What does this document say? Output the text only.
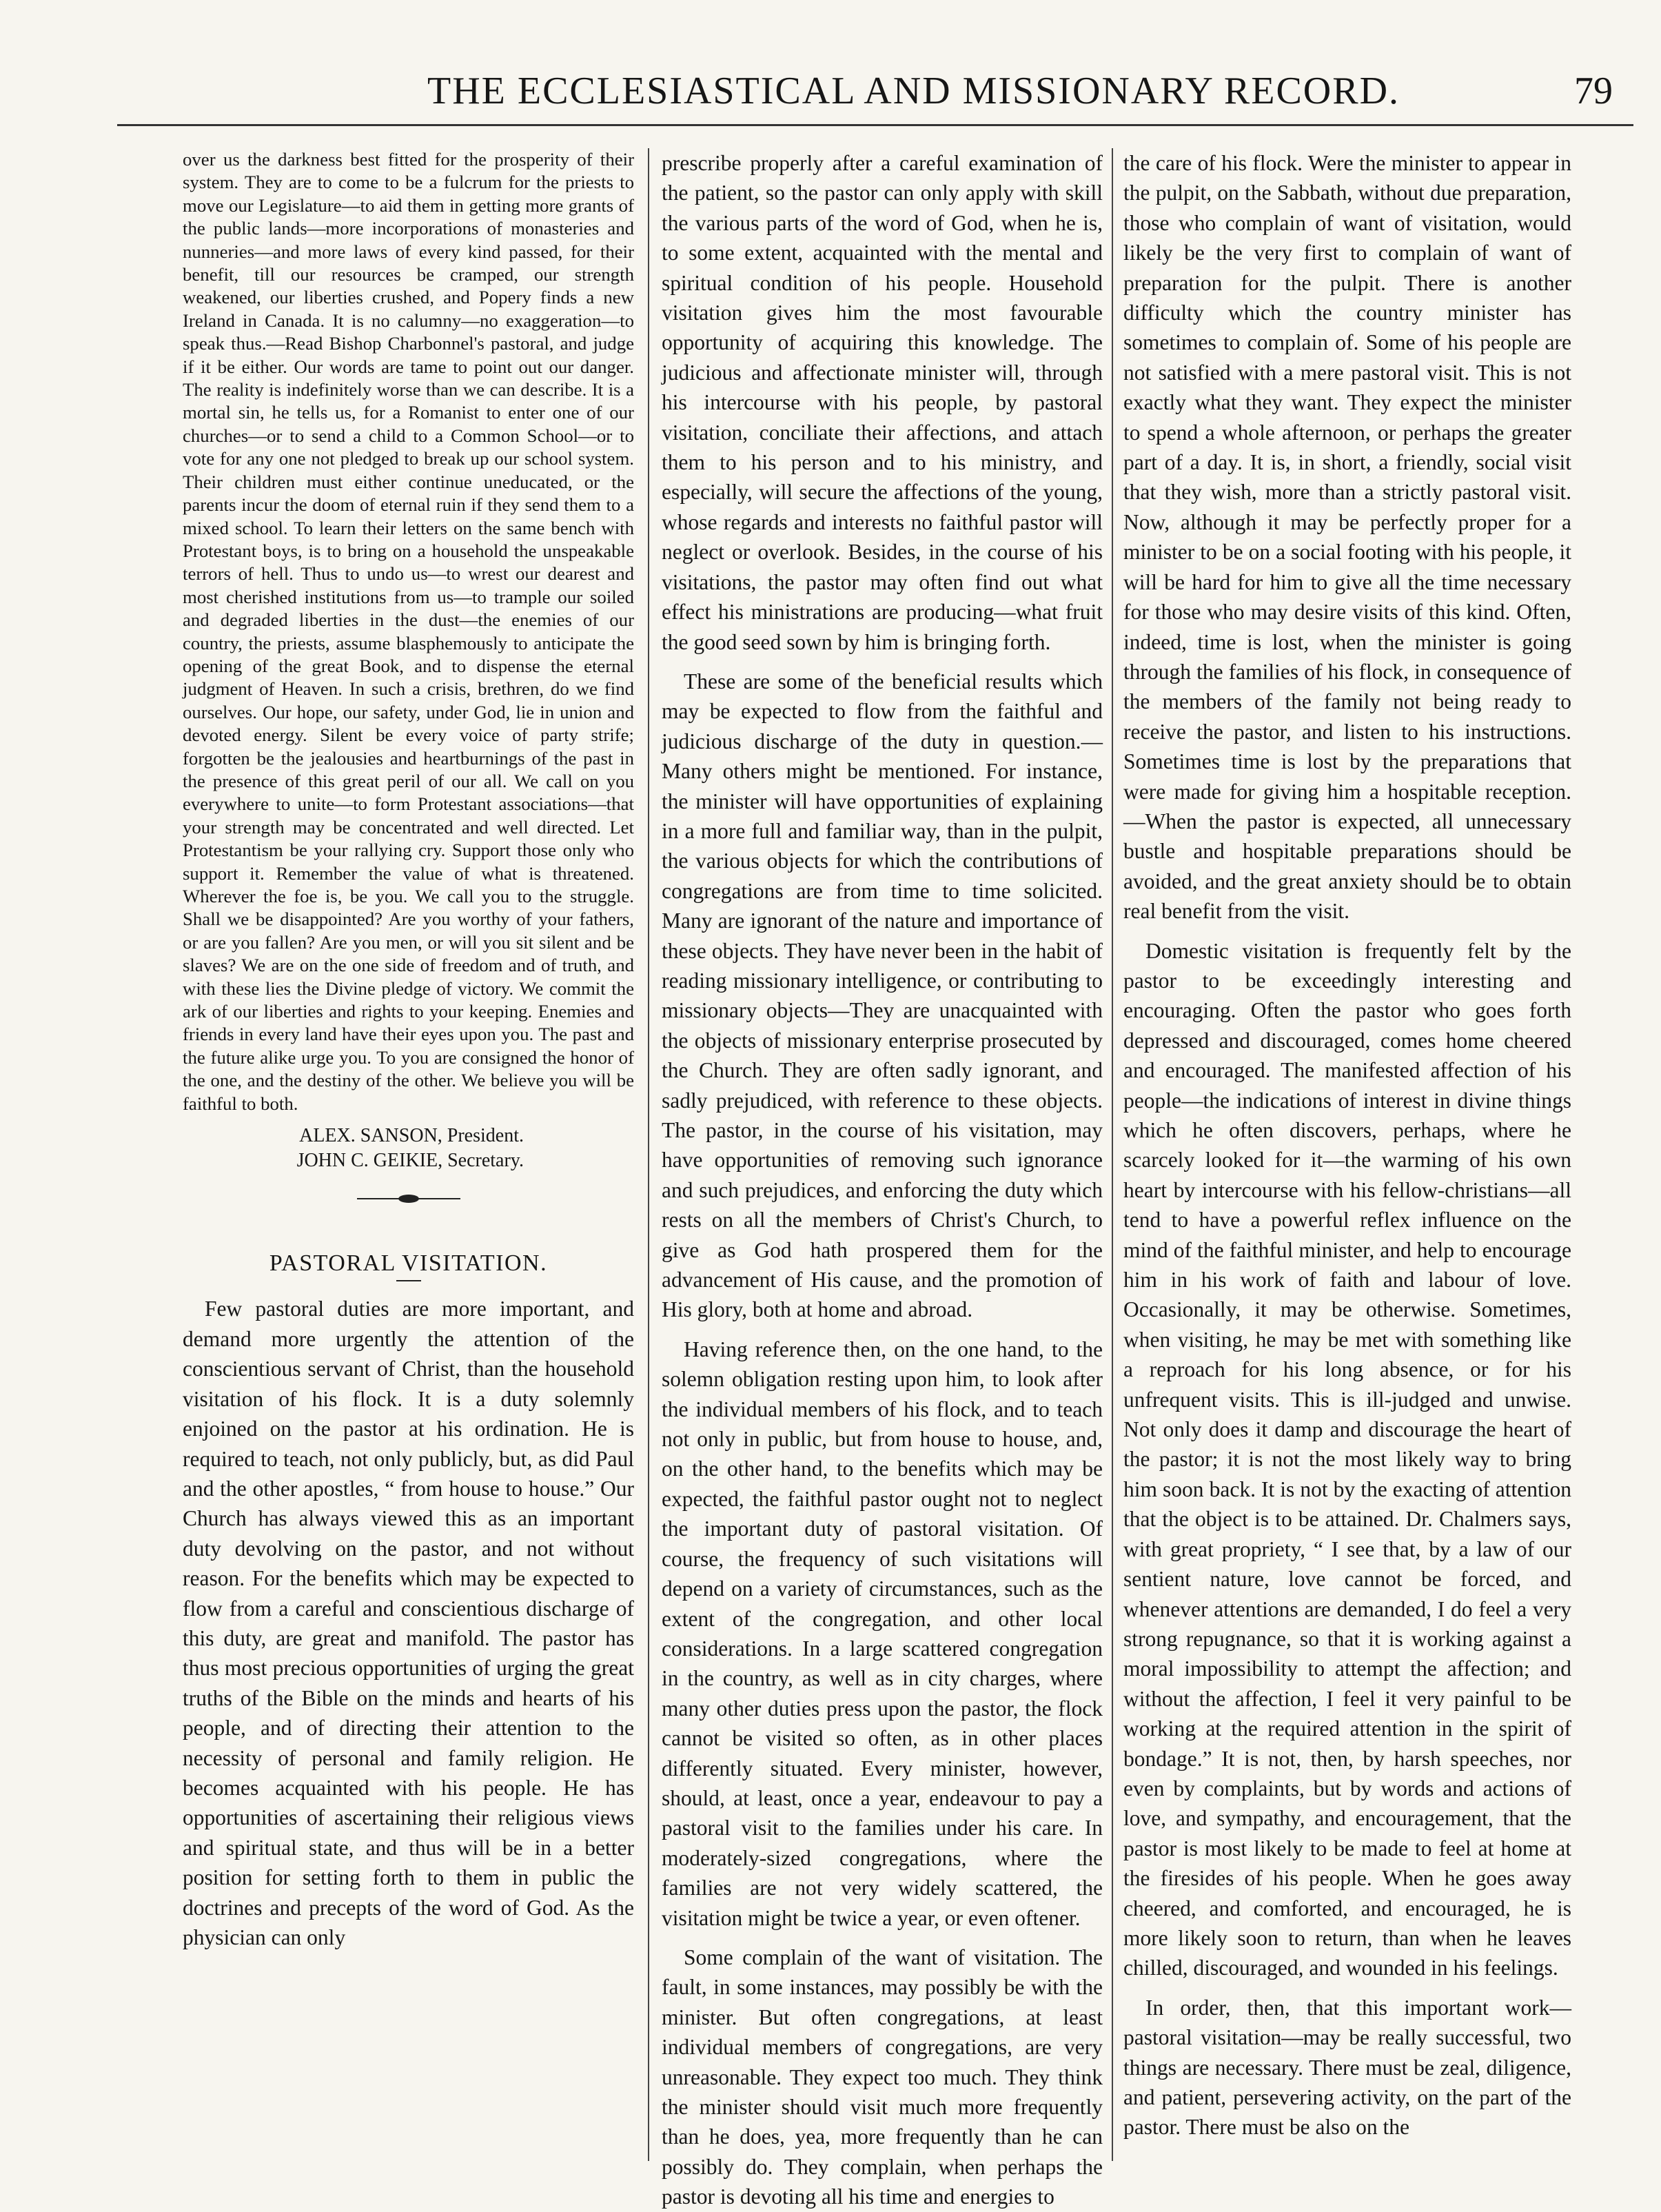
THE ECCLESIASTICAL AND MISSIONARY RECORD.	79

over us the darkness best fitted for the prosperity of their system. They are to come to be a fulcrum for the priests to move our Legislature—to aid them in getting more grants of the public lands—more incorporations of monasteries and nunneries—and more laws of every kind passed, for their benefit, till our resources be cramped, our strength weakened, our liberties crushed, and Popery finds a new Ireland in Canada. It is no calumny—no exaggeration—to speak thus.—Read Bishop Charbonnel's pastoral, and judge if it be either. Our words are tame to point out our danger. The reality is indefinitely worse than we can describe. It is a mortal sin, he tells us, for a Romanist to enter one of our churches—or to send a child to a Common School—or to vote for any one not pledged to break up our school system. Their children must either continue uneducated, or the parents incur the doom of eternal ruin if they send them to a mixed school. To learn their letters on the same bench with Protestant boys, is to bring on a household the unspeakable terrors of hell. Thus to undo us—to wrest our dearest and most cherished institutions from us—to trample our soiled and degraded liberties in the dust—the enemies of our country, the priests, assume blasphemously to anticipate the opening of the great Book, and to dispense the eternal judgment of Heaven. In such a crisis, brethren, do we find ourselves. Our hope, our safety, under God, lie in union and devoted energy. Silent be every voice of party strife; forgotten be the jealousies and heartburnings of the past in the presence of this great peril of our all. We call on you everywhere to unite—to form Protestant associations—that your strength may be concentrated and well directed. Let Protestantism be your rallying cry. Support those only who support it. Remember the value of what is threatened. Wherever the foe is, be you. We call you to the struggle. Shall we be disappointed? Are you worthy of your fathers, or are you fallen? Are you men, or will you sit silent and be slaves? We are on the one side of freedom and of truth, and with these lies the Divine pledge of victory. We commit the ark of our liberties and rights to your keeping. Enemies and friends in every land have their eyes upon you. The past and the future alike urge you. To you are consigned the honor of the one, and the destiny of the other. We believe you will be faithful to both.

ALEX. SANSON, President.
JOHN C. GEIKIE, Secretary.
PASTORAL VISITATION.

Few pastoral duties are more important, and demand more urgently the attention of the conscientious servant of Christ, than the household visitation of his flock. It is a duty solemnly enjoined on the pastor at his ordination. He is required to teach, not only publicly, but, as did Paul and the other apostles, “ from house to house.” Our Church has always viewed this as an important duty devolving on the pastor, and not without reason. For the benefits which may be expected to flow from a careful and conscientious discharge of this duty, are great and manifold. The pastor has thus most precious opportunities of urging the great truths of the Bible on the minds and hearts of his people, and of directing their attention to the necessity of personal and family religion. He becomes acquainted with his people. He has opportunities of ascertaining their religious views and spiritual state, and thus will be in a better position for setting forth to them in public the doctrines and precepts of the word of God. As the physician can only

prescribe properly after a careful examination of the patient, so the pastor can only apply with skill the various parts of the word of God, when he is, to some extent, acquainted with the mental and spiritual condition of his people. Household visitation gives him the most favourable opportunity of acquiring this knowledge. The judicious and affectionate minister will, through his intercourse with his people, by pastoral visitation, conciliate their affections, and attach them to his person and to his ministry, and especially, will secure the affections of the young, whose regards and interests no faithful pastor will neglect or overlook. Besides, in the course of his visitations, the pastor may often find out what effect his ministrations are producing—what fruit the good seed sown by him is bringing forth.

These are some of the beneficial results which may be expected to flow from the faithful and judicious discharge of the duty in question.—Many others might be mentioned. For instance, the minister will have opportunities of explaining in a more full and familiar way, than in the pulpit, the various objects for which the contributions of congregations are from time to time solicited. Many are ignorant of the nature and importance of these objects. They have never been in the habit of reading missionary intelligence, or contributing to missionary objects—They are unacquainted with the objects of missionary enterprise prosecuted by the Church. They are often sadly ignorant, and sadly prejudiced, with reference to these objects. The pastor, in the course of his visitation, may have opportunities of removing such ignorance and such prejudices, and enforcing the duty which rests on all the members of Christ's Church, to give as God hath prospered them for the advancement of His cause, and the promotion of His glory, both at home and abroad.

Having reference then, on the one hand, to the solemn obligation resting upon him, to look after the individual members of his flock, and to teach not only in public, but from house to house, and, on the other hand, to the benefits which may be expected, the faithful pastor ought not to neglect the important duty of pastoral visitation. Of course, the frequency of such visitations will depend on a variety of circumstances, such as the extent of the congregation, and other local considerations. In a large scattered congregation in the country, as well as in city charges, where many other duties press upon the pastor, the flock cannot be visited so often, as in other places differently situated. Every minister, however, should, at least, once a year, endeavour to pay a pastoral visit to the families under his care. In moderately-sized congregations, where the families are not very widely scattered, the visitation might be twice a year, or even oftener.

Some complain of the want of visitation. The fault, in some instances, may possibly be with the minister. But often congregations, at least individual members of congregations, are very unreasonable. They expect too much. They think the minister should visit much more frequently than he does, yea, more frequently than he can possibly do. They complain, when perhaps the pastor is devoting all his time and energies to

the care of his flock. Were the minister to appear in the pulpit, on the Sabbath, without due preparation, those who complain of want of visitation, would likely be the very first to complain of want of preparation for the pulpit. There is another difficulty which the country minister has sometimes to complain of. Some of his people are not satisfied with a mere pastoral visit. This is not exactly what they want. They expect the minister to spend a whole afternoon, or perhaps the greater part of a day. It is, in short, a friendly, social visit that they wish, more than a strictly pastoral visit. Now, although it may be perfectly proper for a minister to be on a social footing with his people, it will be hard for him to give all the time necessary for those who may desire visits of this kind. Often, indeed, time is lost, when the minister is going through the families of his flock, in consequence of the members of the family not being ready to receive the pastor, and listen to his instructions. Sometimes time is lost by the preparations that were made for giving him a hospitable reception.—When the pastor is expected, all unnecessary bustle and hospitable preparations should be avoided, and the great anxiety should be to obtain real benefit from the visit.

Domestic visitation is frequently felt by the pastor to be exceedingly interesting and encouraging. Often the pastor who goes forth depressed and discouraged, comes home cheered and encouraged. The manifested affection of his people—the indications of interest in divine things which he often discovers, perhaps, where he scarcely looked for it—the warming of his own heart by intercourse with his fellow-christians—all tend to have a powerful reflex influence on the mind of the faithful minister, and help to encourage him in his work of faith and labour of love. Occasionally, it may be otherwise. Sometimes, when visiting, he may be met with something like a reproach for his long absence, or for his unfrequent visits. This is ill-judged and unwise. Not only does it damp and discourage the heart of the pastor; it is not the most likely way to bring him soon back. It is not by the exacting of attention that the object is to be attained. Dr. Chalmers says, with great propriety, “ I see that, by a law of our sentient nature, love cannot be forced, and whenever attentions are demanded, I do feel a very strong repugnance, so that it is working against a moral impossibility to attempt the affection; and without the affection, I feel it very painful to be working at the required attention in the spirit of bondage.” It is not, then, by harsh speeches, nor even by complaints, but by words and actions of love, and sympathy, and encouragement, that the pastor is most likely to be made to feel at home at the firesides of his people. When he goes away cheered, and comforted, and encouraged, he is more likely soon to return, than when he leaves chilled, discouraged, and wounded in his feelings.

In order, then, that this important work—pastoral visitation—may be really successful, two things are necessary. There must be zeal, diligence, and patient, persevering activity, on the part of the pastor. There must be also on the
